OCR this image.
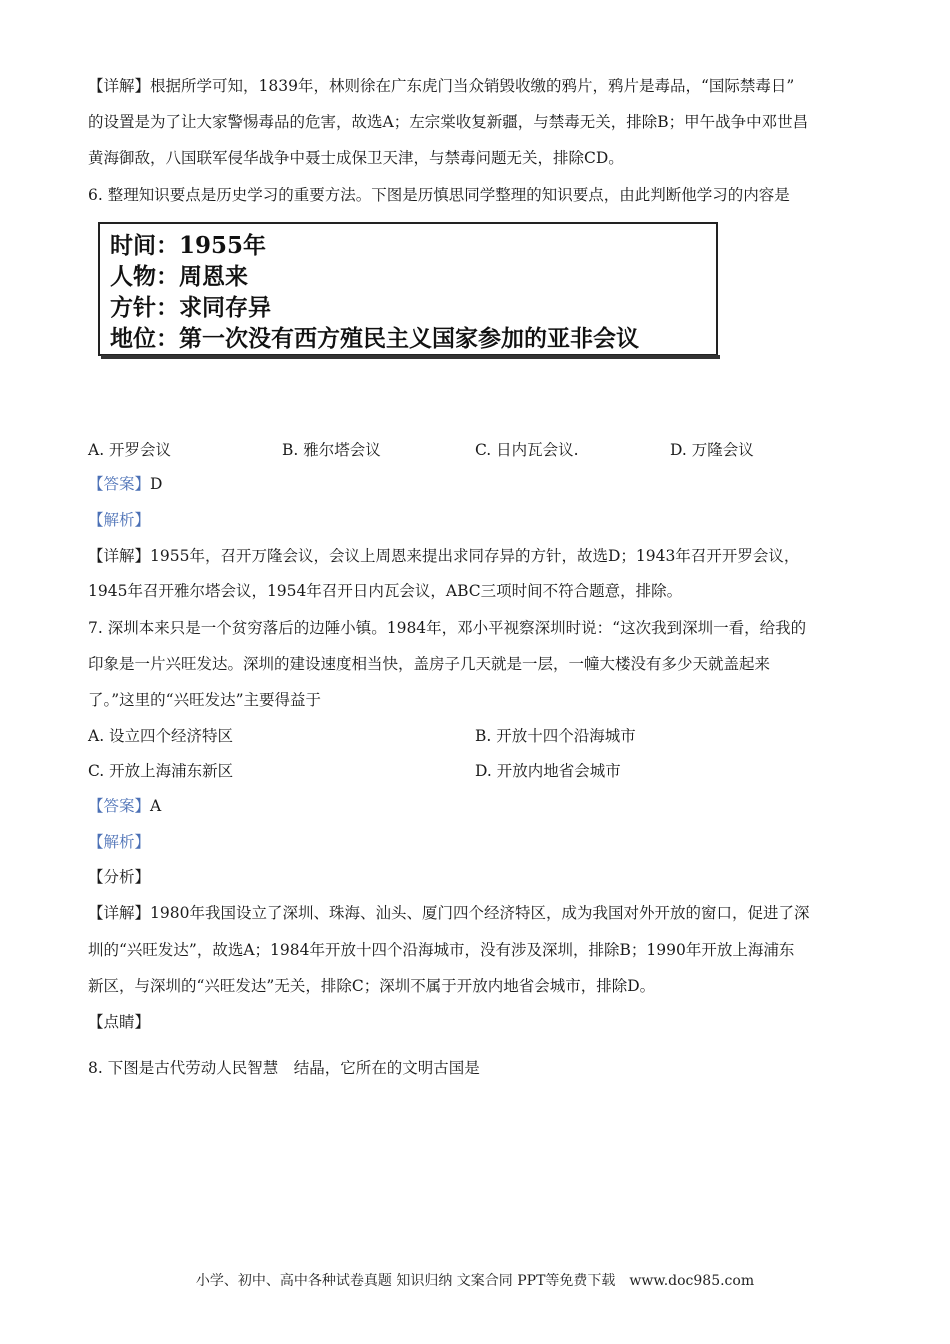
【详解】根据所学可知，1839年，林则徐在广东虎门当众销毁收缴的鸦片，鸦片是毒品，“国际禁毒日”
的设置是为了让大家警惕毒品的危害，故选A；左宗棠收复新疆，与禁毒无关，排除B；甲午战争中邓世昌
黄海御敌，八国联军侵华战争中聂士成保卫天津，与禁毒问题无关，排除CD。
6. 整理知识要点是历史学习的重要方法。下图是历慎思同学整理的知识要点，由此判断他学习的内容是
时间：1955年
人物：周恩来
方针：求同存异
地位：第一次没有西方殖民主义国家参加的亚非会议
A. 开罗会议	B. 雅尔塔会议	C. 日内瓦会议.	D. 万隆会议
【答案】D
【解析】
【详解】1955年，召开万隆会议，会议上周恩来提出求同存异的方针，故选D；1943年召开开罗会议，
1945年召开雅尔塔会议，1954年召开日内瓦会议，ABC三项时间不符合题意，排除。
7. 深圳本来只是一个贫穷落后的边陲小镇。1984年，邓小平视察深圳时说：“这次我到深圳一看，给我的
印象是一片兴旺发达。深圳的建设速度相当快，盖房子几天就是一层，一幢大楼没有多少天就盖起来
了。”这里的“兴旺发达”主要得益于
A. 设立四个经济特区	B. 开放十四个沿海城市
C. 开放上海浦东新区	D. 开放内地省会城市
【答案】A
【解析】
【分析】
【详解】1980年我国设立了深圳、珠海、汕头、厦门四个经济特区，成为我国对外开放的窗口，促进了深
圳的“兴旺发达”，故选A；1984年开放十四个沿海城市，没有涉及深圳，排除B；1990年开放上海浦东
新区，与深圳的“兴旺发达”无关，排除C；深圳不属于开放内地省会城市，排除D。
【点睛】
8. 下图是古代劳动人民智慧　结晶，它所在的文明古国是
小学、初中、高中各种试卷真题 知识归纳 文案合同 PPT等免费下载　www.doc985.com
